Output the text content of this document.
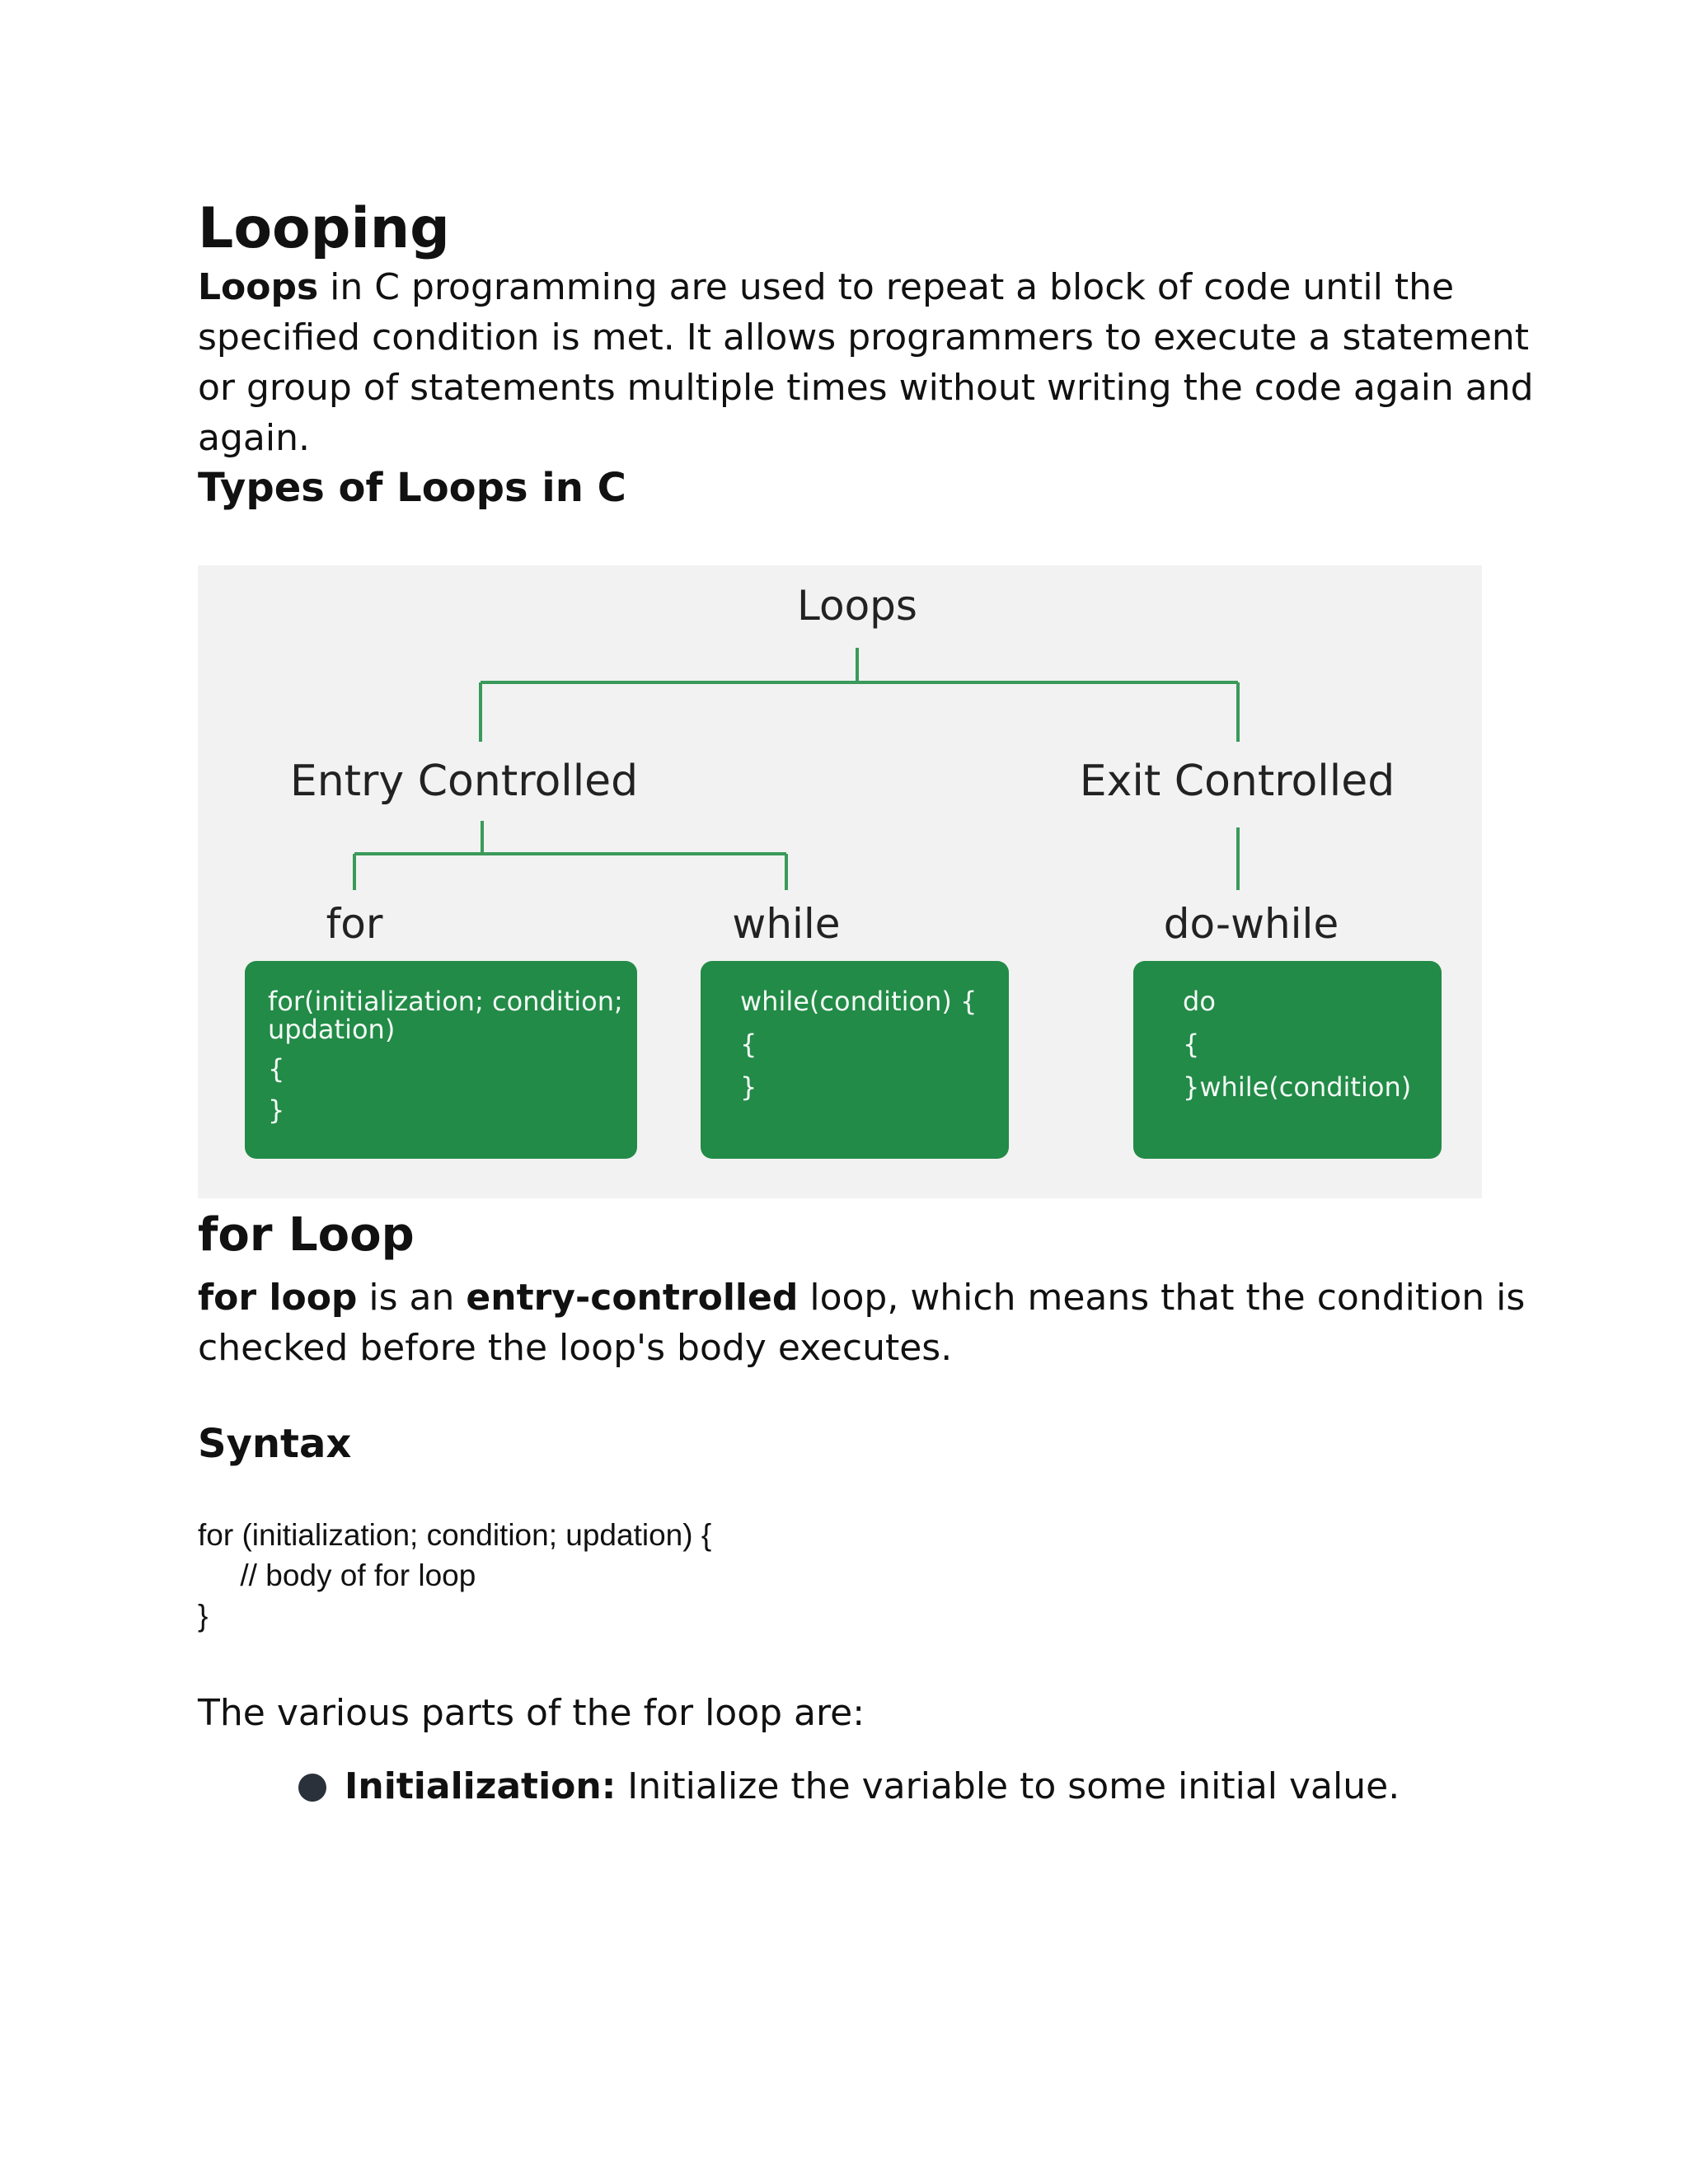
Looping

Loops in C programming are used to repeat a block of code until the specified condition is met. It allows programmers to execute a statement or group of statements multiple times without writing the code again and again.

Types of Loops in C
Loops
Entry Controlled	Exit Controlled
for	while	do-while
for(initialization; condition;
updation)
{
}
while(condition) {
{
}
do
{
}while(condition)
for Loop

for loop is an entry-controlled loop, which means that the condition is checked before the loop's body executes.

Syntax
for (initialization; condition; updation) {
// body of for loop
}

The various parts of the for loop are:

Initialization: Initialize the variable to some initial value.
